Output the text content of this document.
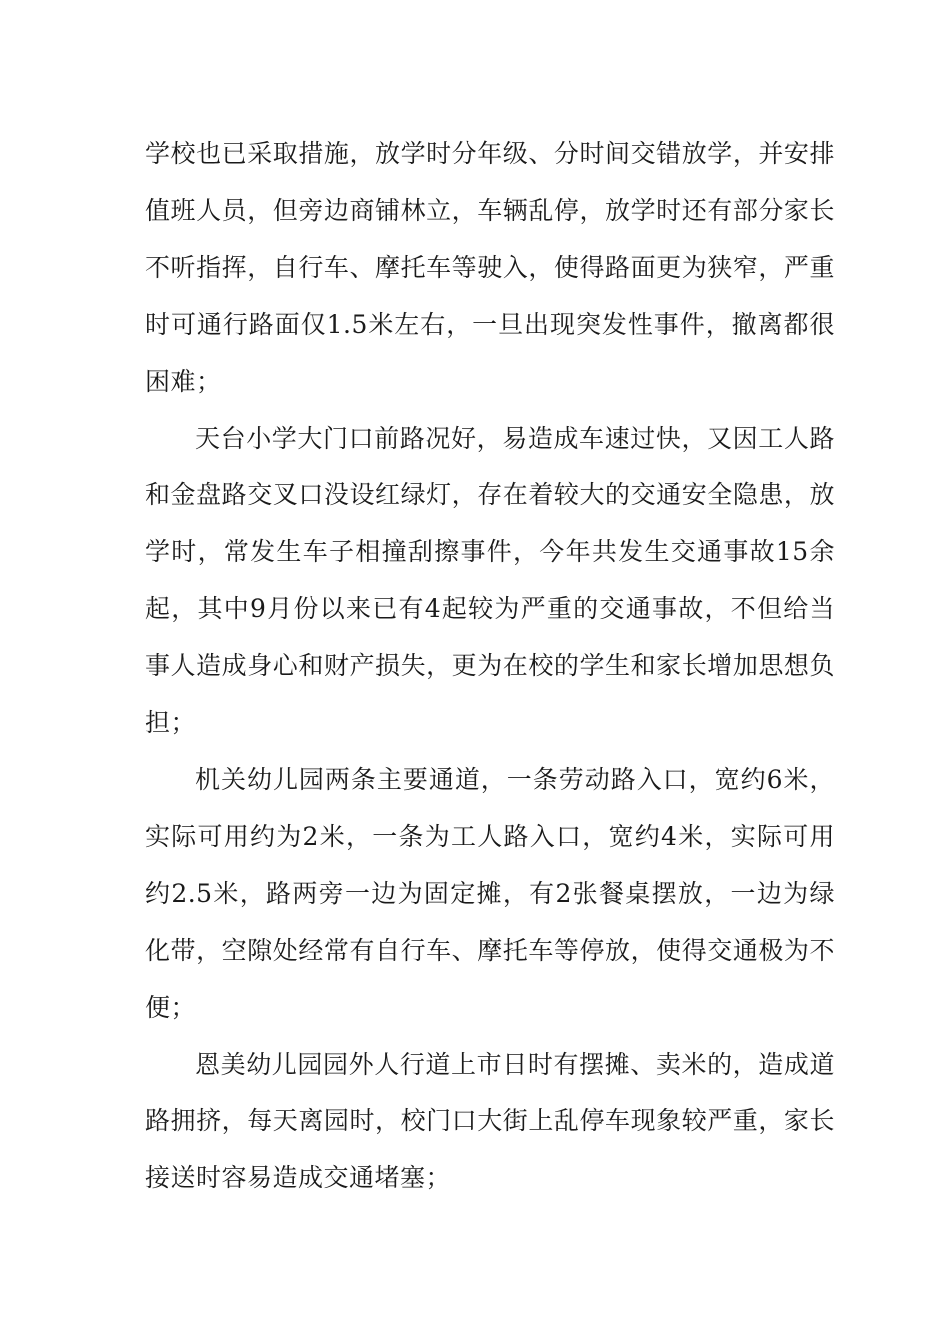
学校也已采取措施，放学时分年级、分时间交错放学，并安排值班人员，但旁边商铺林立，车辆乱停，放学时还有部分家长不听指挥，自行车、摩托车等驶入，使得路面更为狭窄，严重时可通行路面仅1.5米左右，一旦出现突发性事件，撤离都很困难；

天台小学大门口前路况好，易造成车速过快，又因工人路和金盘路交叉口没设红绿灯，存在着较大的交通安全隐患，放学时，常发生车子相撞刮擦事件，今年共发生交通事故15余起，其中9月份以来已有4起较为严重的交通事故，不但给当事人造成身心和财产损失，更为在校的学生和家长增加思想负担；

机关幼儿园两条主要通道，一条劳动路入口，宽约6米，实际可用约为2米，一条为工人路入口，宽约4米，实际可用约2.5米，路两旁一边为固定摊，有2张餐桌摆放，一边为绿化带，空隙处经常有自行车、摩托车等停放，使得交通极为不便；

恩美幼儿园园外人行道上市日时有摆摊、卖米的，造成道路拥挤，每天离园时，校门口大街上乱停车现象较严重，家长接送时容易造成交通堵塞；
